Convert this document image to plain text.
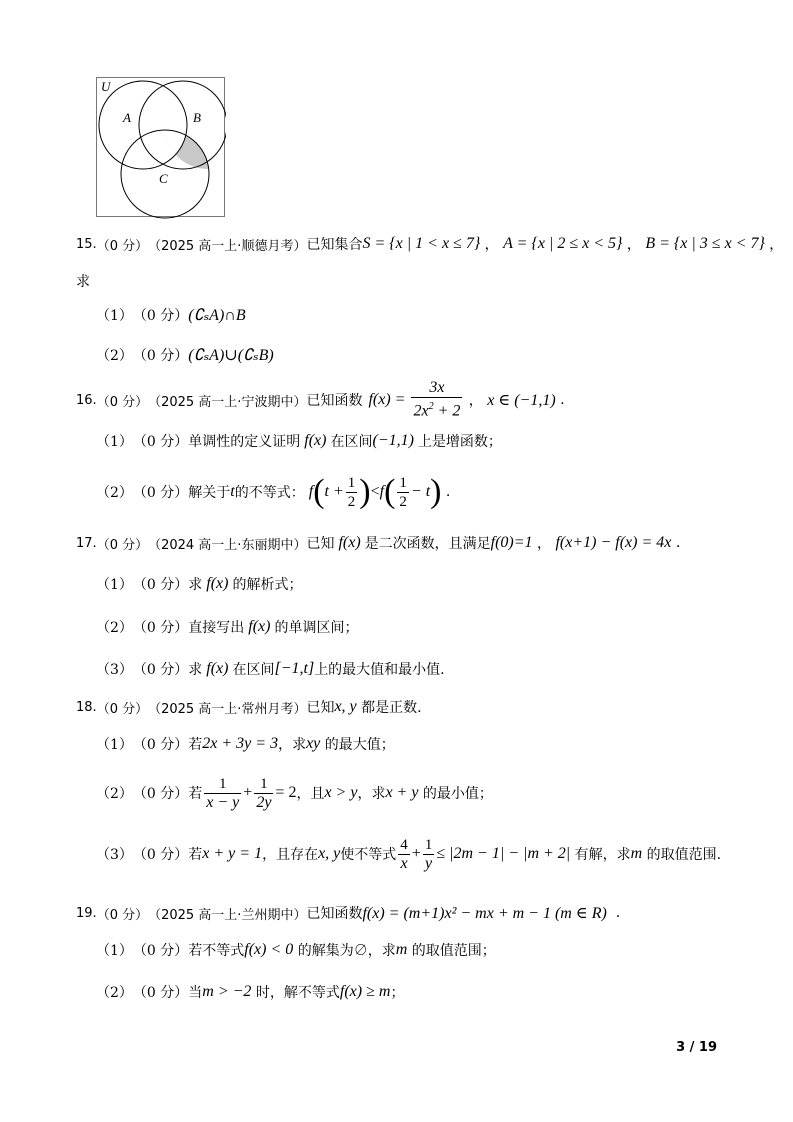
U
A	B
C
15. （0 分） （2025 高一上·顺德月考） 已知集合 S = {x | 1 < x ≤ 7} ， A = {x | 2 ≤ x < 5} ， B = {x | 3 ≤ x < 7} ，
求
（1） （0 分） (∁ₛA)∩B
（2） （0 分） (∁ₛA)∪(∁ₛB)
16. （0 分） （2025 高一上·宁波期中） 已知函数 $f(x) = \frac{3x}{2x^2 + 2}$ ， x ∈ (−1,1) .
（1） （0 分） 单调性的定义证明 f(x) 在区间 (−1,1) 上是增函数；
（2） （0 分） 解关于 t 的不等式： f ( $t + \frac{1}{2}$ ) < f ( $\frac{1}{2} - t$ ) .
17. （0 分） （2024 高一上·东丽期中） 已知 f(x) 是二次函数，且满足 f(0)=1 ， f(x+1) − f(x) = 4x .
（1） （0 分） 求 f(x) 的解析式；
（2） （0 分） 直接写出 f(x) 的单调区间；
（3） （0 分） 求 f(x) 在区间 [−1,t] 上的最大值和最小值.
18. （0 分） （2025 高一上·常州月考） 已知 x, y
都是正数.
（1） （0 分） 若 2x + 3y = 3 ，求 xy
的最大值；
（2） （0 分） 若 $\frac{1}{x - y} + \frac{1}{2y} = 2$ ，且 x > y ，求 x + y
的最小值；
（3） （0 分） 若 x + y = 1 ，且存在 x, y 使不等式 $\frac{4}{x} + \frac{1}{y} \le |2m - 1| - |m + 2|$
有解，求 m
的取值范围.
19. （0 分） （2025 高一上·兰州期中） 已知函数 f(x) = (m+1)x² − mx + m − 1 (m ∈ R) .
（1） （0 分） 若不等式 f(x) < 0
的解集为∅，求 m
的取值范围；
（2） （0 分） 当 m > −2
时，解不等式 f(x) ≥ m ；
3 / 19
